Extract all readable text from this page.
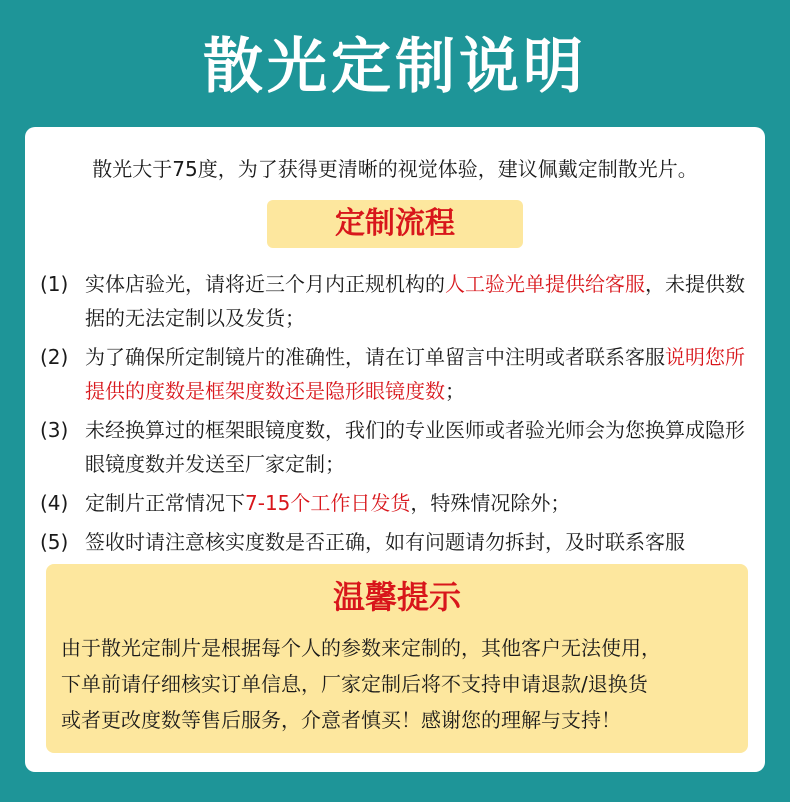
散光定制说明
散光大于75度，为了获得更清晰的视觉体验，建议佩戴定制散光片。
定制流程
(1) 实体店验光，请将近三个月内正规机构的人工验光单提供给客服，未提供数据的无法定制以及发货；
(2) 为了确保所定制镜片的准确性，请在订单留言中注明或者联系客服说明您所提供的度数是框架度数还是隐形眼镜度数；
(3) 未经换算过的框架眼镜度数，我们的专业医师或者验光师会为您换算成隐形眼镜度数并发送至厂家定制；
(4) 定制片正常情况下7-15个工作日发货，特殊情况除外；
(5) 签收时请注意核实度数是否正确，如有问题请勿拆封，及时联系客服
温馨提示
由于散光定制片是根据每个人的参数来定制的，其他客户无法使用，
下单前请仔细核实订单信息，厂家定制后将不支持申请退款/退换货
或者更改度数等售后服务，介意者慎买！感谢您的理解与支持！
